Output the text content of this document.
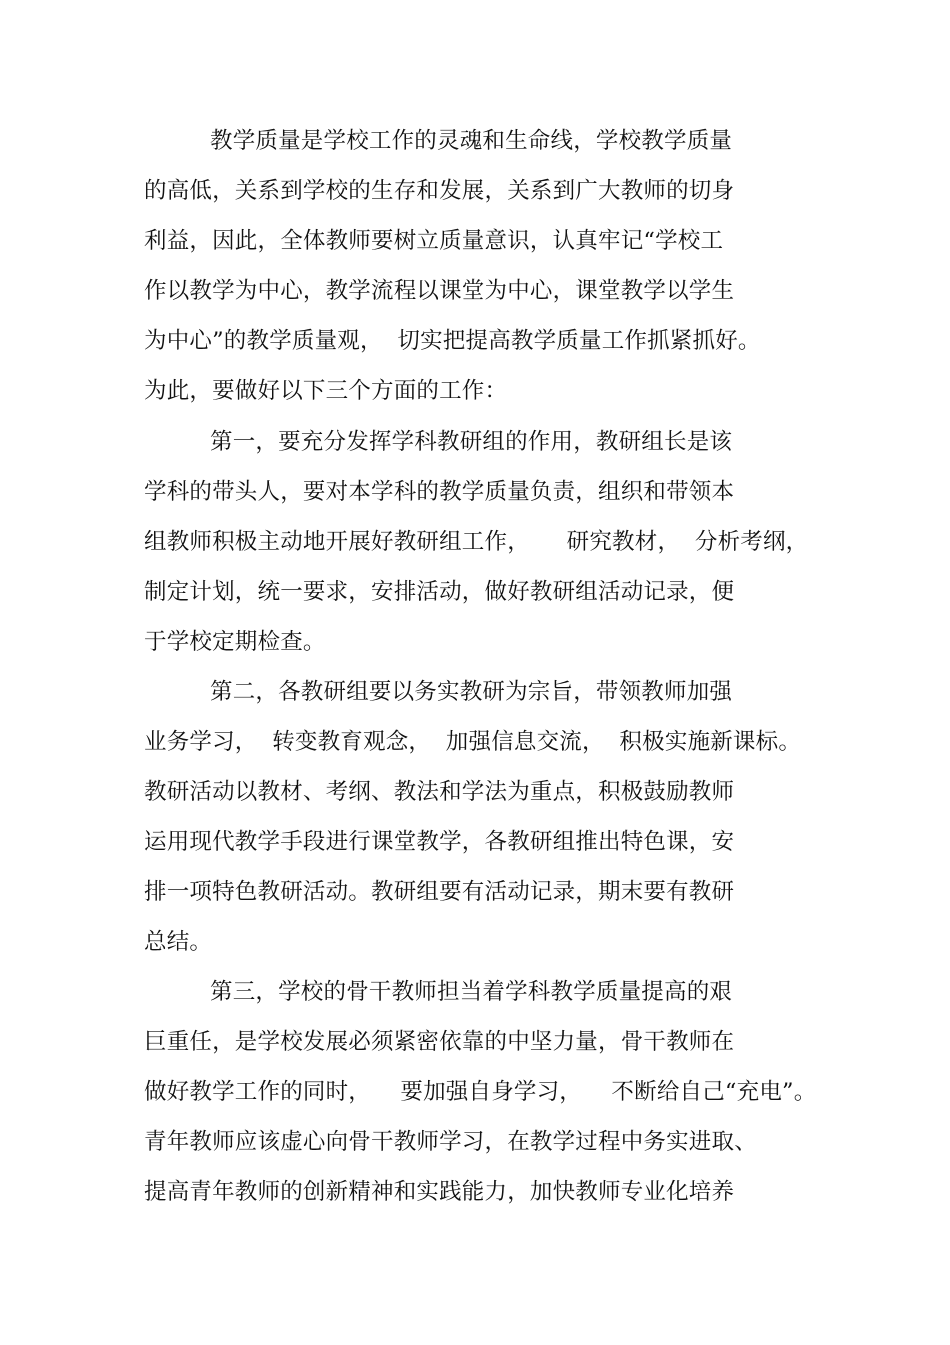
教学质量是学校工作的灵魂和生命线，学校教学质量
的高低，关系到学校的生存和发展，关系到广大教师的切身
利益，因此，全体教师要树立质量意识，认真牢记“学校工
作以教学为中心，教学流程以课堂为中心，课堂教学以学生
为中心”的教学质量观，  切实把提高教学质量工作抓紧抓好。
为此，要做好以下三个方面的工作：
第一，要充分发挥学科教研组的作用，教研组长是该
学科的带头人，要对本学科的教学质量负责，组织和带领本
组教师积极主动地开展好教研组工作，     研究教材，  分析考纲，
制定计划，统一要求，安排活动，做好教研组活动记录，便
于学校定期检查。
第二，各教研组要以务实教研为宗旨，带领教师加强
业务学习，  转变教育观念，  加强信息交流，  积极实施新课标。
教研活动以教材、考纲、教法和学法为重点，积极鼓励教师
运用现代教学手段进行课堂教学，各教研组推出特色课，安
排一项特色教研活动。教研组要有活动记录，期末要有教研
总结。
第三，学校的骨干教师担当着学科教学质量提高的艰
巨重任，是学校发展必须紧密依靠的中坚力量，骨干教师在
做好教学工作的同时，    要加强自身学习，    不断给自己“充电”。
青年教师应该虚心向骨干教师学习，在教学过程中务实进取、
提高青年教师的创新精神和实践能力，加快教师专业化培养
